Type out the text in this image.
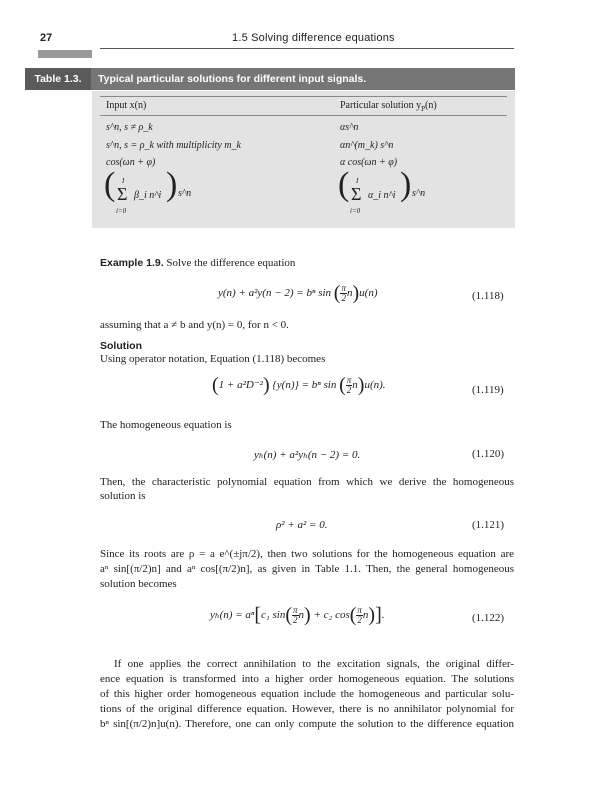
27	1.5 Solving difference equations
Table 1.3.	Typical particular solutions for different input signals.
Input x(n)	Particular solution $y_P(n)$
s^n, s ≠ ρ_k	αs^n
s^n, s = ρ_k with multiplicity m_k	αn^(m_k) s^n
cos(ωn + φ)	α cos(ωn + φ)
( I
Σ
i=0
β_i n^i ) s^n	( I
Σ
i=0
α_i n^i ) s^n
Example 1.9. Solve the difference equation
y(n) + a²y(n − 2) = bⁿ sin ( $\frac{\pi}{2} n)u(n)$	(1.118)
assuming that a ≠ b and y(n) = 0, for n < 0.
Solution
Using operator notation, Equation (1.118) becomes
(1 + a²D⁻²) {y(n)} = bⁿ sin ( $\frac{\pi}{2} n)u(n)$.	(1.119)
The homogeneous equation is
yₕ(n) + a²yₕ(n − 2) = 0.	(1.120)
Then, the characteristic polynomial equation from which we derive the homogeneous
solution is
ρ² + a² = 0.	(1.121)
Since its roots are ρ = a e^(±jπ/2), then two solutions for the homogeneous equation are
aⁿ sin[(π/2)n] and aⁿ cos[(π/2)n], as given in Table 1.1. Then, the general homogeneous
solution becomes
yₕ(n) = aⁿ[c₁ $\sin( \frac{\pi}{2} n) + c_2$ $\cos( \frac{\pi}{2} n)$].	(1.122)
If one applies the correct annihilation to the excitation signals, the original differ-
ence equation is transformed into a higher order homogeneous equation. The solutions
of this higher order homogeneous equation include the homogeneous and particular solu-
tions of the original difference equation. However, there is no annihilator polynomial for
bⁿ sin[(π/2)n]u(n). Therefore, one can only compute the solution to the difference equation
